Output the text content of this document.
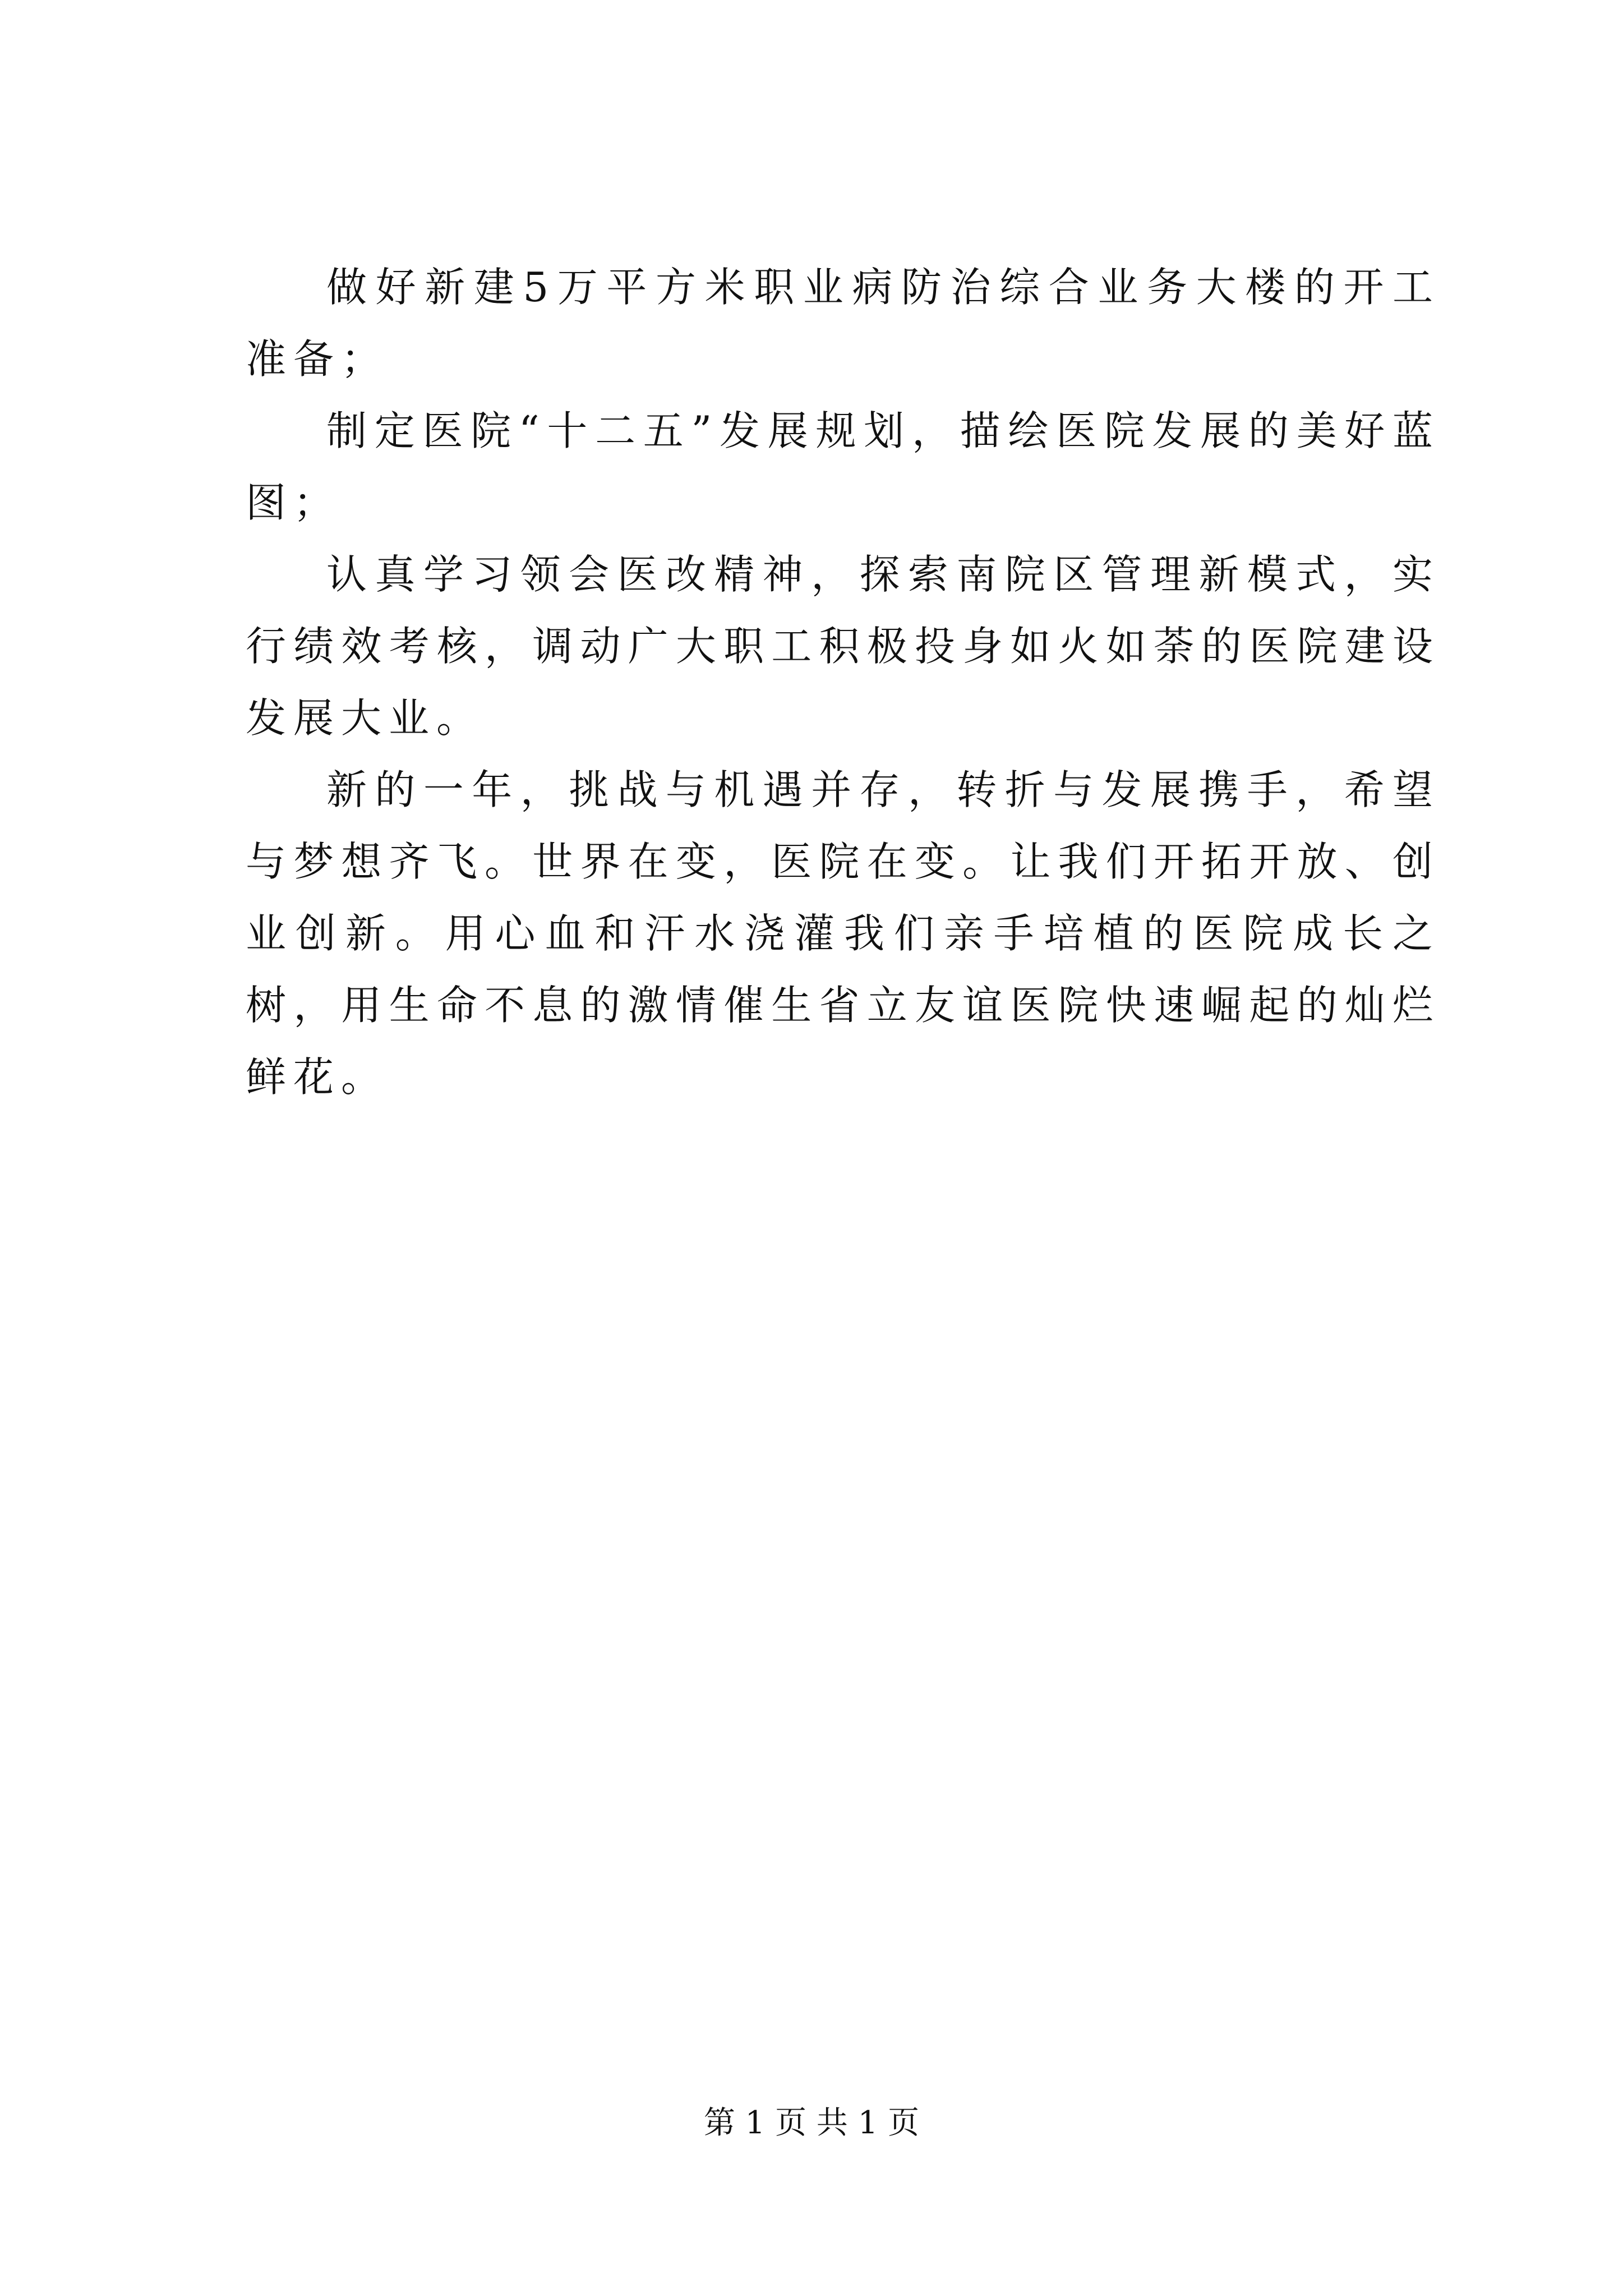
做好新建5万平方米职业病防治综合业务大楼的开工准备；

制定医院“十二五”发展规划，描绘医院发展的美好蓝图；

认真学习领会医改精神，探索南院区管理新模式，实行绩效考核，调动广大职工积极投身如火如荼的医院建设发展大业。

新的一年，挑战与机遇并存，转折与发展携手，希望与梦想齐飞。世界在变，医院在变。让我们开拓开放、创业创新。用心血和汗水浇灌我们亲手培植的医院成长之树，用生命不息的激情催生省立友谊医院快速崛起的灿烂鲜花。

第 1 页 共 1 页
